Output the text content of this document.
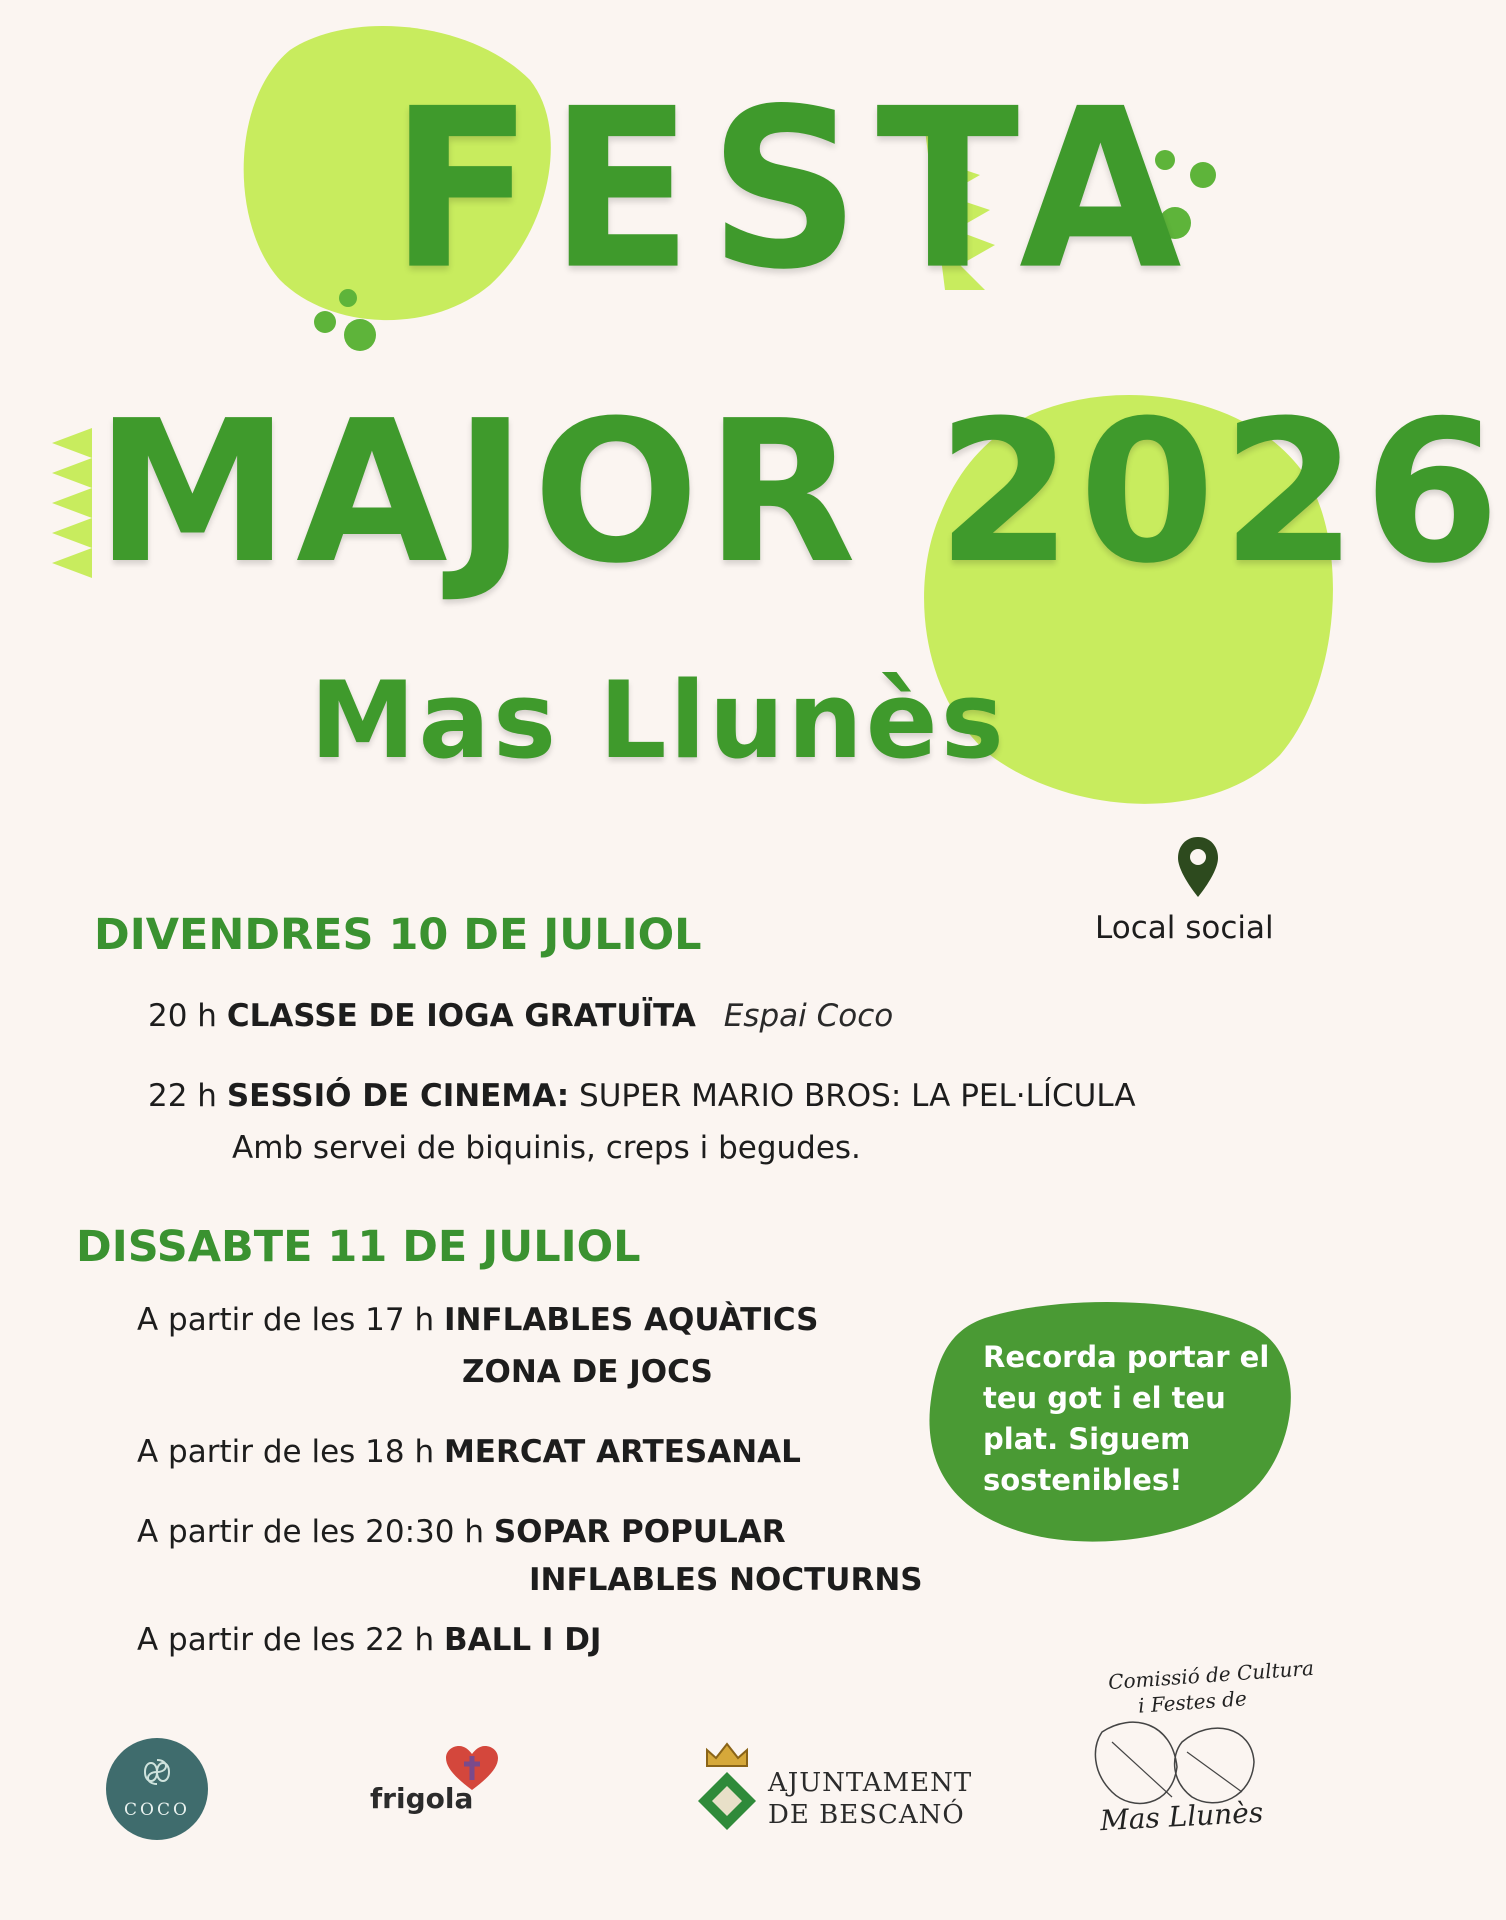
FESTA
MAJOR 2026
Mas Llunès
Local social
DIVENDRES 10 DE JULIOL
20 h CLASSE DE IOGA GRATUÏTA Espai Coco
22 h SESSIÓ DE CINEMA: SUPER MARIO BROS: LA PEL·LÍCULA
Amb servei de biquinis, creps i begudes.
DISSABTE 11 DE JULIOL
A partir de les 17 h INFLABLES AQUÀTICS
ZONA DE JOCS
A partir de les 18 h MERCAT ARTESANAL
A partir de les 20:30 h SOPAR POPULAR
INFLABLES NOCTURNS
A partir de les 22 h BALL I DJ
Recorda portar el teu got i el teu plat. Siguem sostenibles!
COCO	frigola	AJUNTAMENT
DE BESCANÓ
Comissió de Cultura
i Festes de
Mas Llunès
